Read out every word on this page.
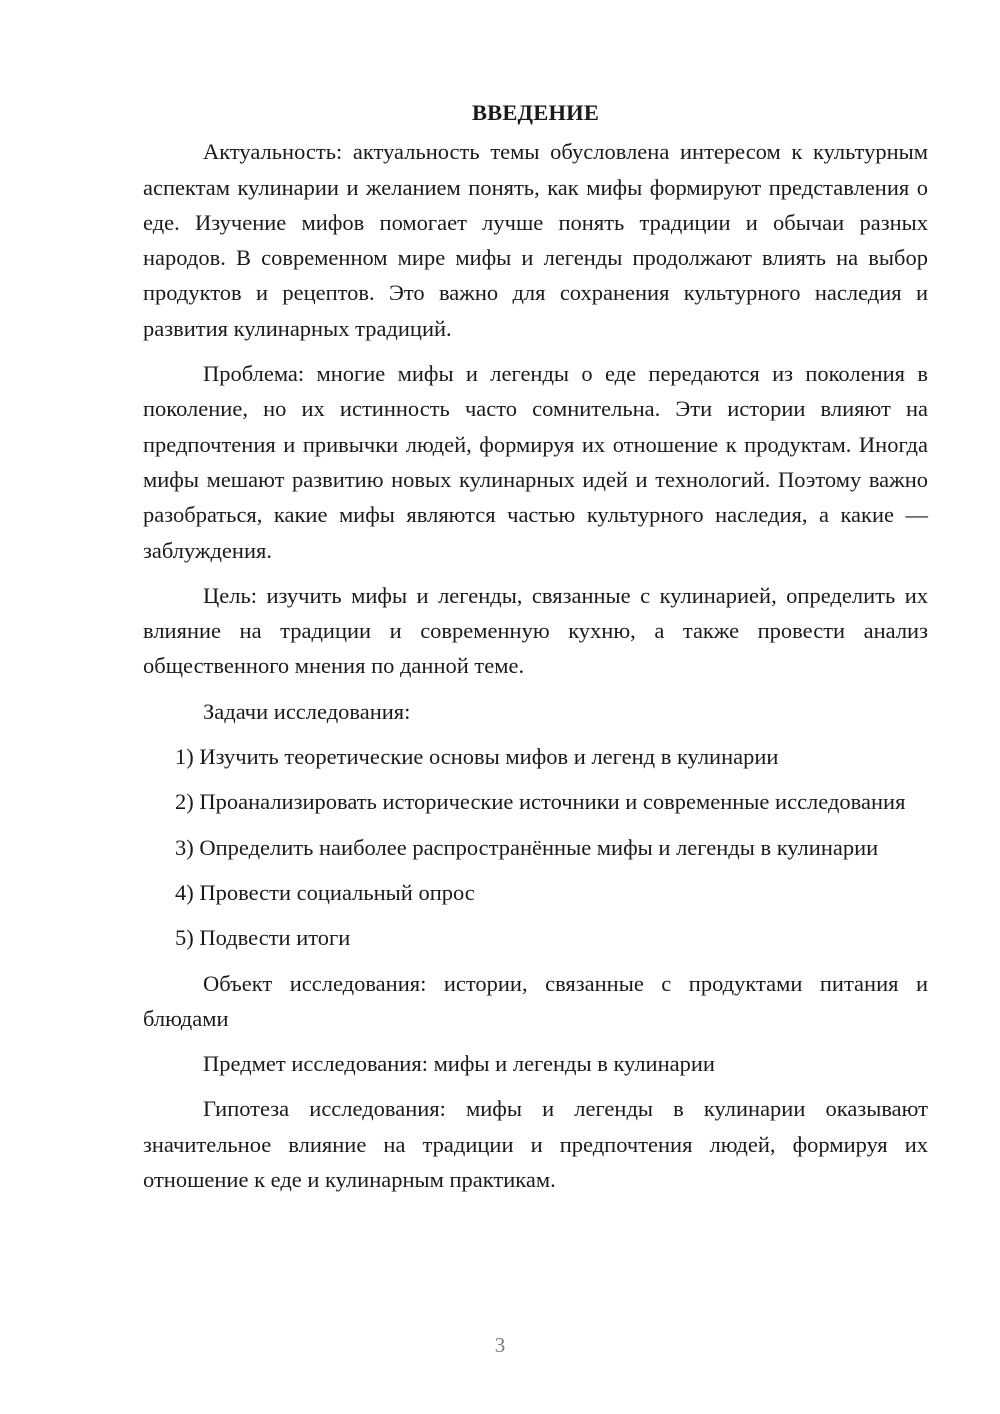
ВВЕДЕНИЕ

Актуальность: актуальность темы обусловлена интересом к культурным аспектам кулинарии и желанием понять, как мифы формируют представления о еде. Изучение мифов помогает лучше понять традиции и обычаи разных народов. В современном мире мифы и легенды продолжают влиять на выбор продуктов и рецептов. Это важно для сохранения культурного наследия и развития кулинарных традиций.

Проблема: многие мифы и легенды о еде передаются из поколения в поколение, но их истинность часто сомнительна. Эти истории влияют на предпочтения и привычки людей, формируя их отношение к продуктам. Иногда мифы мешают развитию новых кулинарных идей и технологий. Поэтому важно разобраться, какие мифы являются частью культурного наследия, а какие — заблуждения.

Цель: изучить мифы и легенды, связанные с кулинарией, определить их влияние на традиции и современную кухню, а также провести анализ общественного мнения по данной теме.

Задачи исследования:

1) Изучить теоретические основы мифов и легенд в кулинарии

2) Проанализировать исторические источники и современные исследования

3) Определить наиболее распространённые мифы и легенды в кулинарии

4) Провести социальный опрос

5) Подвести итоги

Объект исследования: истории, связанные с продуктами питания и блюдами

Предмет исследования: мифы и легенды в кулинарии

Гипотеза исследования: мифы и легенды в кулинарии оказывают значительное влияние на традиции и предпочтения людей, формируя их отношение к еде и кулинарным практикам.

3
